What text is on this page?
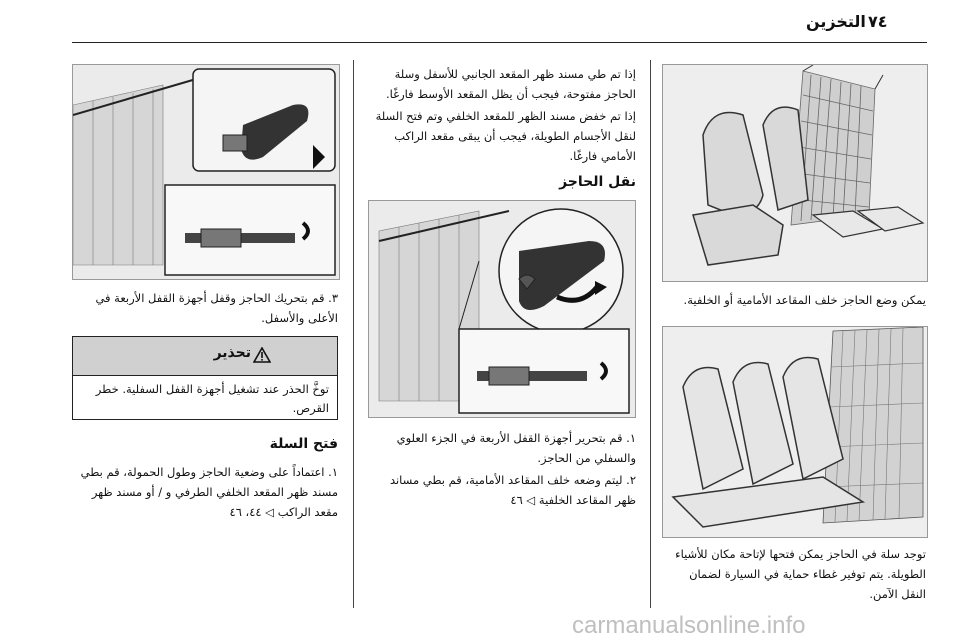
التخزين ٧٤
يمكن وضع الحاجز خلف المقاعد الأمامية أو الخلفية.
توجد سلة في الحاجز يمكن فتحها لإتاحة مكان للأشياء الطويلة. يتم توفير غطاء حماية في السيارة لضمان النقل الآمن.
إذا تم طي مسند ظهر المقعد الجانبي للأسفل وسلة الحاجز مفتوحة، فيجب أن يظل المقعد الأوسط فارغًا.
إذا تم خفض مسند الظهر للمقعد الخلفي وتم فتح السلة لنقل الأجسام الطويلة، فيجب أن يبقى مقعد الراكب الأمامي فارغًا.
نقل الحاجز
١. قم بتحرير أجهزة القفل الأربعة في الجزء العلوي والسفلي من الحاجز.
٢. ليتم وضعه خلف المقاعد الأمامية، قم بطي مساند ظهر المقاعد الخلفية ◁ ٤٦
٣. قم بتحريك الحاجز وقفل أجهزة القفل الأربعة في الأعلى والأسفل.
تحذير
توخَّ الحذر عند تشغيل أجهزة القفل السفلية. خطر القرص.
فتح السلة
١. اعتماداً على وضعية الحاجز وطول الحمولة، قم بطي مسند ظهر المقعد الخلفي الطرفي و / أو مسند ظهر مقعد الراكب ◁ ٤٤، ٤٦
carmanualsonline.info
